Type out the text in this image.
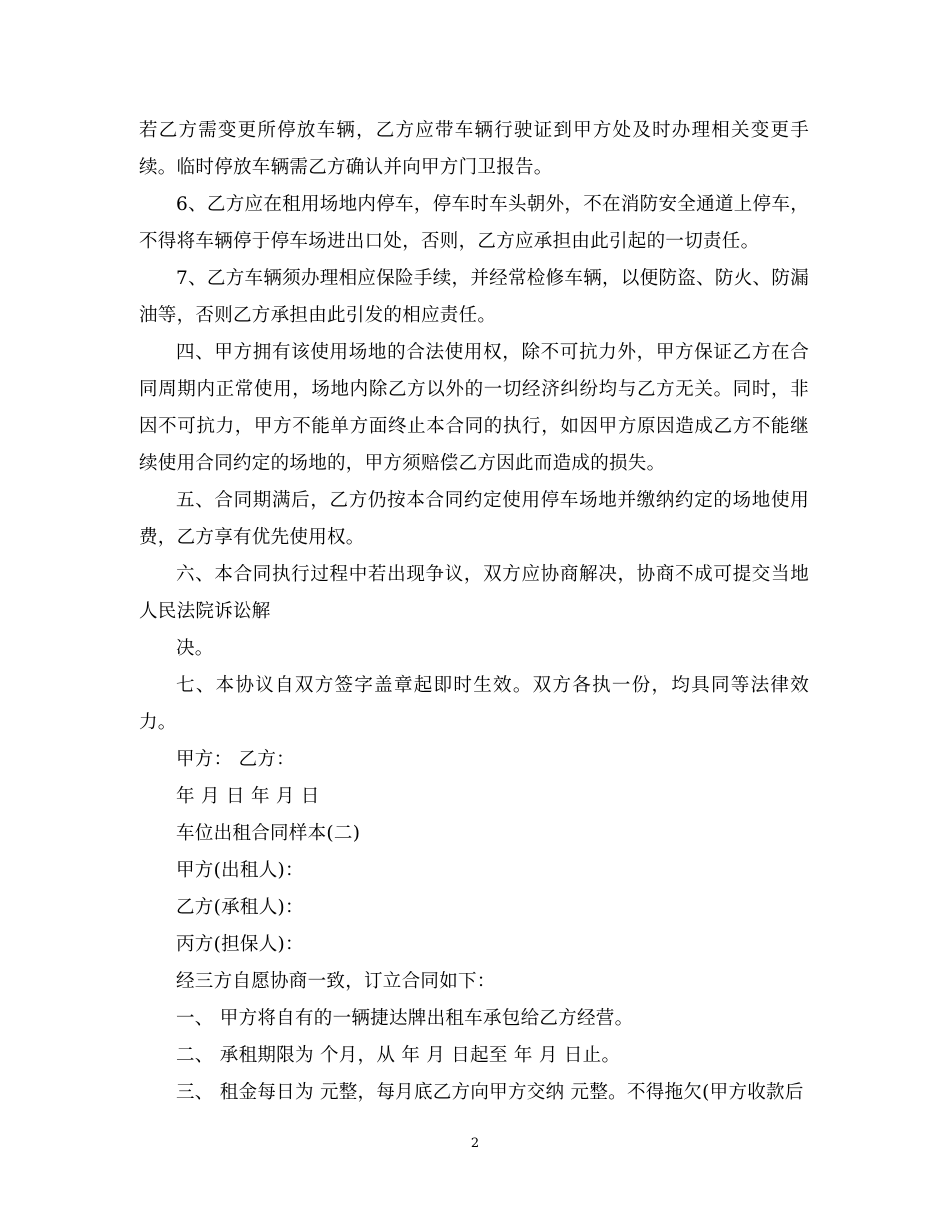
若乙方需变更所停放车辆，乙方应带车辆行驶证到甲方处及时办理相关变更手续。临时停放车辆需乙方确认并向甲方门卫报告。

6、乙方应在租用场地内停车，停车时车头朝外，不在消防安全通道上停车，不得将车辆停于停车场进出口处，否则，乙方应承担由此引起的一切责任。

7、乙方车辆须办理相应保险手续，并经常检修车辆，以便防盗、防火、防漏油等，否则乙方承担由此引发的相应责任。

四、甲方拥有该使用场地的合法使用权，除不可抗力外，甲方保证乙方在合同周期内正常使用，场地内除乙方以外的一切经济纠纷均与乙方无关。同时，非因不可抗力，甲方不能单方面终止本合同的执行，如因甲方原因造成乙方不能继续使用合同约定的场地的，甲方须赔偿乙方因此而造成的损失。

五、合同期满后，乙方仍按本合同约定使用停车场地并缴纳约定的场地使用费，乙方享有优先使用权。

六、本合同执行过程中若出现争议，双方应协商解决，协商不成可提交当地人民法院诉讼解

决。

七、本协议自双方签字盖章起即时生效。双方各执一份，均具同等法律效力。

甲方： 乙方：

年 月 日 年 月 日

车位出租合同样本(二)

甲方(出租人)：

乙方(承租人)：

丙方(担保人)：

经三方自愿协商一致，订立合同如下：

一、 甲方将自有的一辆捷达牌出租车承包给乙方经营。

二、 承租期限为 个月，从 年 月 日起至 年 月 日止。

三、 租金每日为 元整，每月底乙方向甲方交纳 元整。不得拖欠(甲方收款后

2
